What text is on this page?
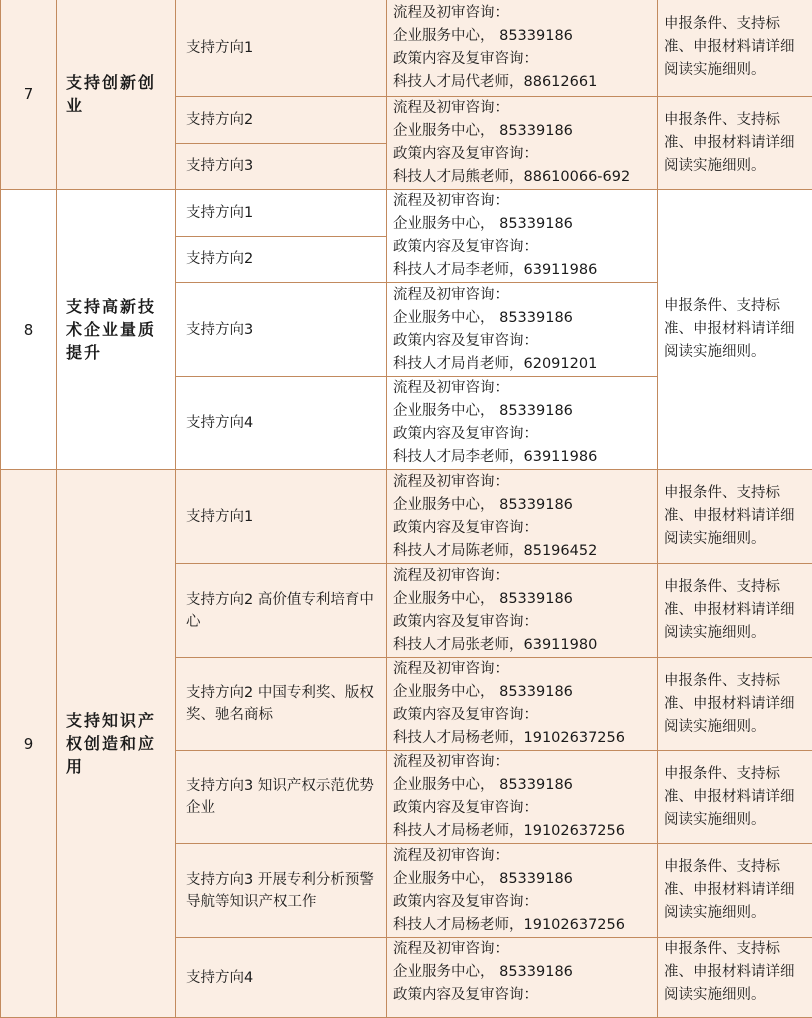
7	支持创新创业	支持方向1	流程及初审咨询：
企业服务中心， 85339186
政策内容及复审咨询：
科技人才局代老师，88612661	申报条件、支持标准、申报材料请详细阅读实施细则。
		支持方向2	流程及初审咨询：
企业服务中心， 85339186
政策内容及复审咨询：
科技人才局熊老师，88610066-692	申报条件、支持标准、申报材料请详细阅读实施细则。
		支持方向3		
8	支持高新技术企业量质提升	支持方向1	流程及初审咨询：
企业服务中心， 85339186
政策内容及复审咨询：
科技人才局李老师，63911986	申报条件、支持标准、申报材料请详细阅读实施细则。
		支持方向2		
		支持方向3	流程及初审咨询：
企业服务中心， 85339186
政策内容及复审咨询：
科技人才局肖老师，62091201	

		支持方向4	流程及初审咨询：
企业服务中心， 85339186
政策内容及复审咨询：
科技人才局李老师，63911986	

9	支持知识产权创造和应用	支持方向1	流程及初审咨询：
企业服务中心， 85339186
政策内容及复审咨询：
科技人才局陈老师，85196452	申报条件、支持标准、申报材料请详细阅读实施细则。
		支持方向2 高价值专利培育中心	流程及初审咨询：
企业服务中心， 85339186
政策内容及复审咨询：
科技人才局张老师，63911980	申报条件、支持标准、申报材料请详细阅读实施细则。
		支持方向2 中国专利奖、版权奖、驰名商标	流程及初审咨询：
企业服务中心， 85339186
政策内容及复审咨询：
科技人才局杨老师，19102637256	申报条件、支持标准、申报材料请详细阅读实施细则。
		支持方向3 知识产权示范优势企业	流程及初审咨询：
企业服务中心， 85339186
政策内容及复审咨询：
科技人才局杨老师，19102637256	申报条件、支持标准、申报材料请详细阅读实施细则。
		支持方向3 开展专利分析预警导航等知识产权工作	流程及初审咨询：
企业服务中心， 85339186
政策内容及复审咨询：
科技人才局杨老师，19102637256	申报条件、支持标准、申报材料请详细阅读实施细则。
		支持方向4	流程及初审咨询：
企业服务中心， 85339186
政策内容及复审咨询：	申报条件、支持标准、申报材料请详细阅读实施细则。
